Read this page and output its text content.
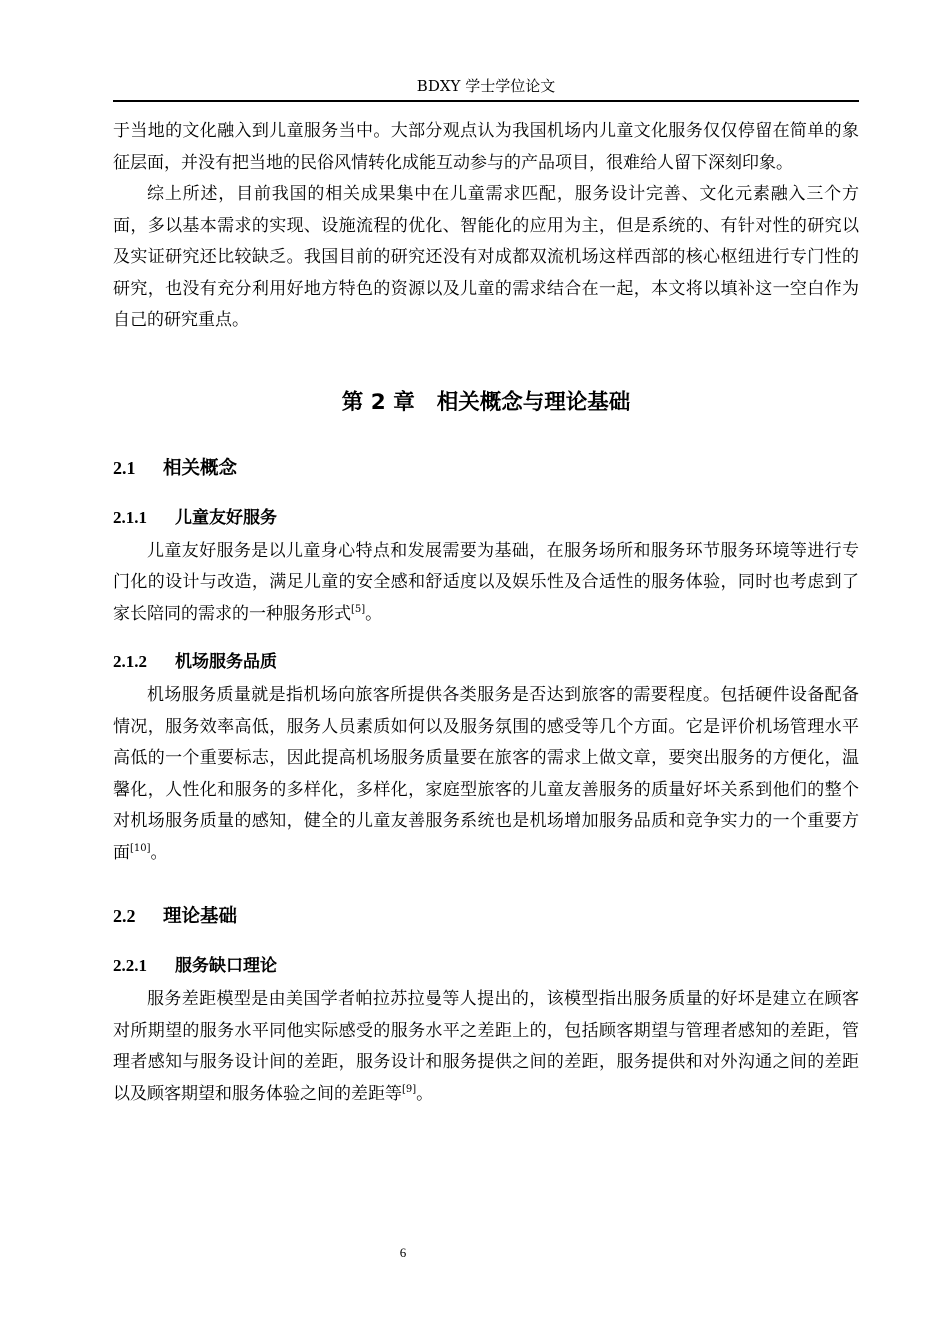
BDXY 学士学位论文

于当地的文化融入到儿童服务当中。大部分观点认为我国机场内儿童文化服务仅仅停留在简单的象征层面，并没有把当地的民俗风情转化成能互动参与的产品项目，很难给人留下深刻印象。

综上所述，目前我国的相关成果集中在儿童需求匹配，服务设计完善、文化元素融入三个方面，多以基本需求的实现、设施流程的优化、智能化的应用为主，但是系统的、有针对性的研究以及实证研究还比较缺乏。我国目前的研究还没有对成都双流机场这样西部的核心枢纽进行专门性的研究，也没有充分利用好地方特色的资源以及儿童的需求结合在一起，本文将以填补这一空白作为自己的研究重点。

第 2 章 相关概念与理论基础
2.1 相关概念
2.1.1 儿童友好服务

儿童友好服务是以儿童身心特点和发展需要为基础，在服务场所和服务环节服务环境等进行专门化的设计与改造，满足儿童的安全感和舒适度以及娱乐性及合适性的服务体验，同时也考虑到了家长陪同的需求的一种服务形式[5]。

2.1.2 机场服务品质

机场服务质量就是指机场向旅客所提供各类服务是否达到旅客的需要程度。包括硬件设备配备情况，服务效率高低，服务人员素质如何以及服务氛围的感受等几个方面。它是评价机场管理水平高低的一个重要标志，因此提高机场服务质量要在旅客的需求上做文章，要突出服务的方便化，温馨化，人性化和服务的多样化，多样化，家庭型旅客的儿童友善服务的质量好坏关系到他们的整个对机场服务质量的感知，健全的儿童友善服务系统也是机场增加服务品质和竞争实力的一个重要方面[10]。

2.2 理论基础
2.2.1 服务缺口理论

服务差距模型是由美国学者帕拉苏拉曼等人提出的，该模型指出服务质量的好坏是建立在顾客对所期望的服务水平同他实际感受的服务水平之差距上的，包括顾客期望与管理者感知的差距，管理者感知与服务设计间的差距，服务设计和服务提供之间的差距，服务提供和对外沟通之间的差距以及顾客期望和服务体验之间的差距等[9]。

6
